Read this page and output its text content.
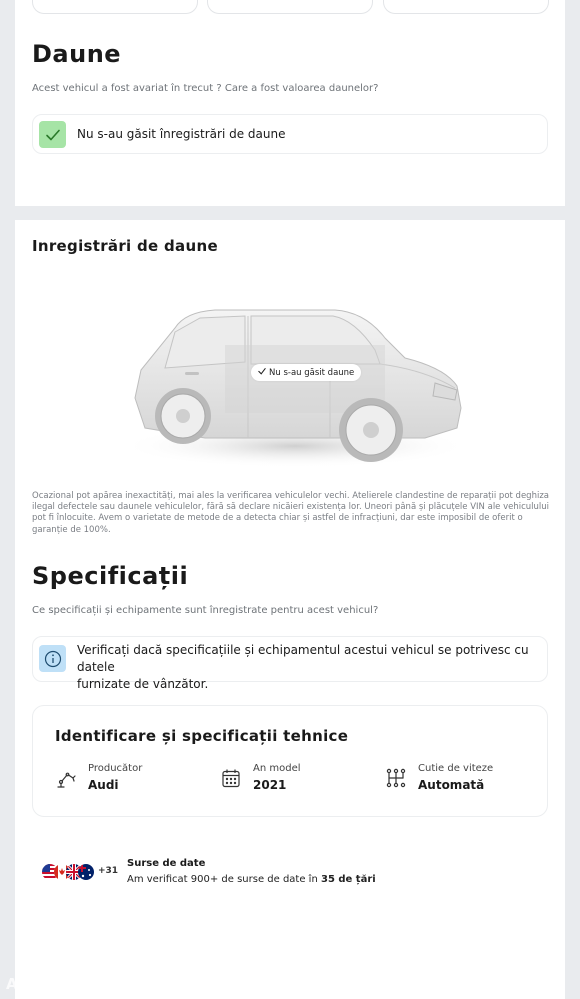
Daune
Acest vehicul a fost avariat în trecut ? Care a fost valoarea daunelor?
Nu s-au găsit înregistrări de daune
Inregistrări de daune
Nu s-au găsit daune
Ocazional pot apărea inexactități, mai ales la verificarea vehiculelor vechi. Atelierele clandestine de reparații pot deghiza ilegal defectele sau daunele vehiculelor, fără să declare nicăieri existența lor. Uneori până și plăcuțele VIN ale vehiculului pot fi înlocuite. Avem o varietate de metode de a detecta chiar și astfel de infracțiuni, dar este imposibil de oferit o garanție de 100%.
Specificații
Ce specificații și echipamente sunt înregistrate pentru acest vehicul?
Verificați dacă specificațiile și echipamentul acestui vehicul se potrivesc cu datele
furnizate de vânzător.
Identificare și specificații tehnice
Producător
Audi
An model
2021
Cutie de viteze
Automată
+31
Surse de date
Am verificat 900+ de surse de date în 35 de țări
AUTOVIT.RO
